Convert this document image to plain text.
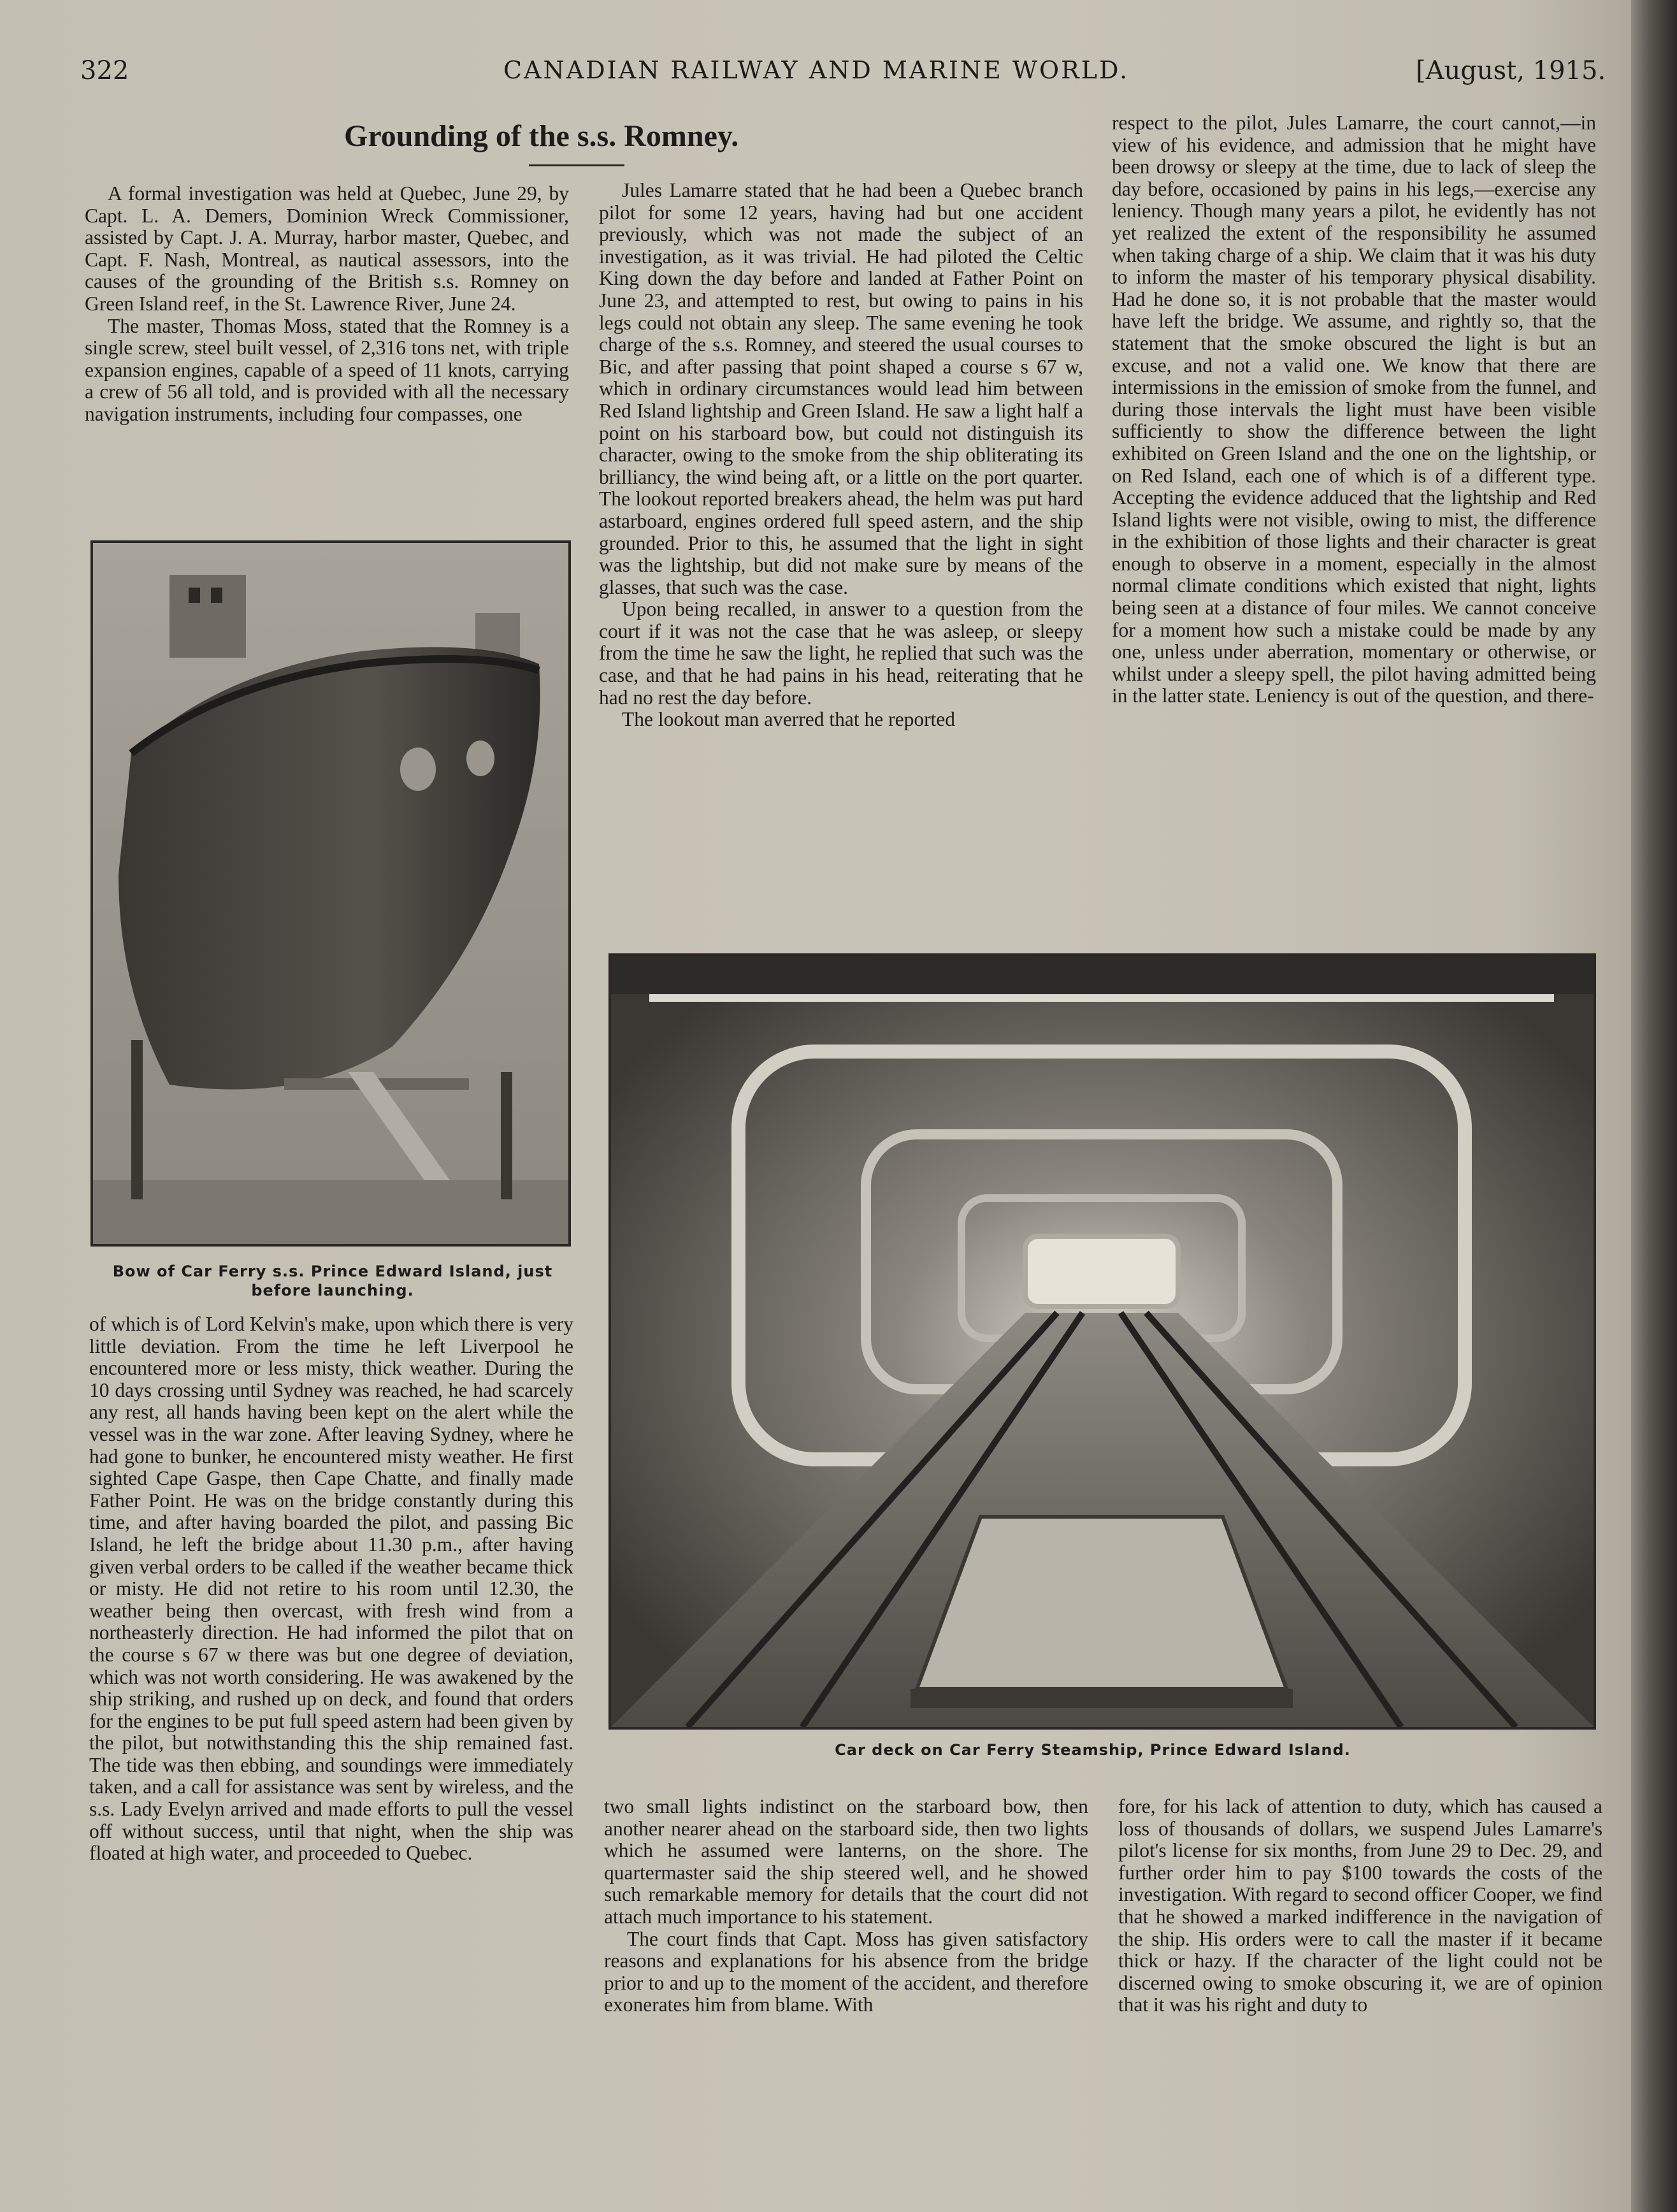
322	CANADIAN RAILWAY AND MARINE WORLD.	[August, 1915.
Grounding of the s.s. Romney.

A formal investigation was held at Quebec, June 29, by Capt. L. A. Demers, Dominion Wreck Commissioner, assisted by Capt. J. A. Murray, harbor master, Quebec, and Capt. F. Nash, Montreal, as nautical assessors, into the causes of the grounding of the British s.s. Romney on Green Island reef, in the St. Lawrence River, June 24.

The master, Thomas Moss, stated that the Romney is a single screw, steel built vessel, of 2,316 tons net, with triple expansion engines, capable of a speed of 11 knots, carrying a crew of 56 all told, and is provided with all the necessary navigation instruments, including four compasses, one

Bow of Car Ferry s.s. Prince Edward Island, just before launching.

of which is of Lord Kelvin's make, upon which there is very little deviation. From the time he left Liverpool he encountered more or less misty, thick weather. During the 10 days crossing until Sydney was reached, he had scarcely any rest, all hands having been kept on the alert while the vessel was in the war zone. After leaving Sydney, where he had gone to bunker, he encountered misty weather. He first sighted Cape Gaspe, then Cape Chatte, and finally made Father Point. He was on the bridge constantly during this time, and after having boarded the pilot, and passing Bic Island, he left the bridge about 11.30 p.m., after having given verbal orders to be called if the weather became thick or misty. He did not retire to his room until 12.30, the weather being then overcast, with fresh wind from a northeasterly direction. He had informed the pilot that on the course s 67 w there was but one degree of deviation, which was not worth considering. He was awakened by the ship striking, and rushed up on deck, and found that orders for the engines to be put full speed astern had been given by the pilot, but notwithstanding this the ship remained fast. The tide was then ebbing, and soundings were immediately taken, and a call for assistance was sent by wireless, and the s.s. Lady Evelyn arrived and made efforts to pull the vessel off without success, until that night, when the ship was floated at high water, and proceeded to Quebec.

Jules Lamarre stated that he had been a Quebec branch pilot for some 12 years, having had but one accident previously, which was not made the subject of an investigation, as it was trivial. He had piloted the Celtic King down the day before and landed at Father Point on June 23, and attempted to rest, but owing to pains in his legs could not obtain any sleep. The same evening he took charge of the s.s. Romney, and steered the usual courses to Bic, and after passing that point shaped a course s 67 w, which in ordinary circumstances would lead him between Red Island lightship and Green Island. He saw a light half a point on his starboard bow, but could not distinguish its character, owing to the smoke from the ship obliterating its brilliancy, the wind being aft, or a little on the port quarter. The lookout reported breakers ahead, the helm was put hard astarboard, engines ordered full speed astern, and the ship grounded. Prior to this, he assumed that the light in sight was the lightship, but did not make sure by means of the glasses, that such was the case.

Upon being recalled, in answer to a question from the court if it was not the case that he was asleep, or sleepy from the time he saw the light, he replied that such was the case, and that he had pains in his head, reiterating that he had no rest the day before.

The lookout man averred that he reported

respect to the pilot, Jules Lamarre, the court cannot,—in view of his evidence, and admission that he might have been drowsy or sleepy at the time, due to lack of sleep the day before, occasioned by pains in his legs,—exercise any leniency. Though many years a pilot, he evidently has not yet realized the extent of the responsibility he assumed when taking charge of a ship. We claim that it was his duty to inform the master of his temporary physical disability. Had he done so, it is not probable that the master would have left the bridge. We assume, and rightly so, that the statement that the smoke obscured the light is but an excuse, and not a valid one. We know that there are intermissions in the emission of smoke from the funnel, and during those intervals the light must have been visible sufficiently to show the difference between the light exhibited on Green Island and the one on the lightship, or on Red Island, each one of which is of a different type. Accepting the evidence adduced that the lightship and Red Island lights were not visible, owing to mist, the difference in the exhibition of those lights and their character is great enough to observe in a moment, especially in the almost normal climate conditions which existed that night, lights being seen at a distance of four miles. We cannot conceive for a moment how such a mistake could be made by any one, unless under aberration, momentary or otherwise, or whilst under a sleepy spell, the pilot having admitted being in the latter state. Leniency is out of the question, and there-

Car deck on Car Ferry Steamship, Prince Edward Island.

two small lights indistinct on the starboard bow, then another nearer ahead on the starboard side, then two lights which he assumed were lanterns, on the shore. The quartermaster said the ship steered well, and he showed such remarkable memory for details that the court did not attach much importance to his statement.

The court finds that Capt. Moss has given satisfactory reasons and explanations for his absence from the bridge prior to and up to the moment of the accident, and therefore exonerates him from blame. With

fore, for his lack of attention to duty, which has caused a loss of thousands of dollars, we suspend Jules Lamarre's pilot's license for six months, from June 29 to Dec. 29, and further order him to pay $100 towards the costs of the investigation. With regard to second officer Cooper, we find that he showed a marked indifference in the navigation of the ship. His orders were to call the master if it became thick or hazy. If the character of the light could not be discerned owing to smoke obscuring it, we are of opinion that it was his right and duty to
